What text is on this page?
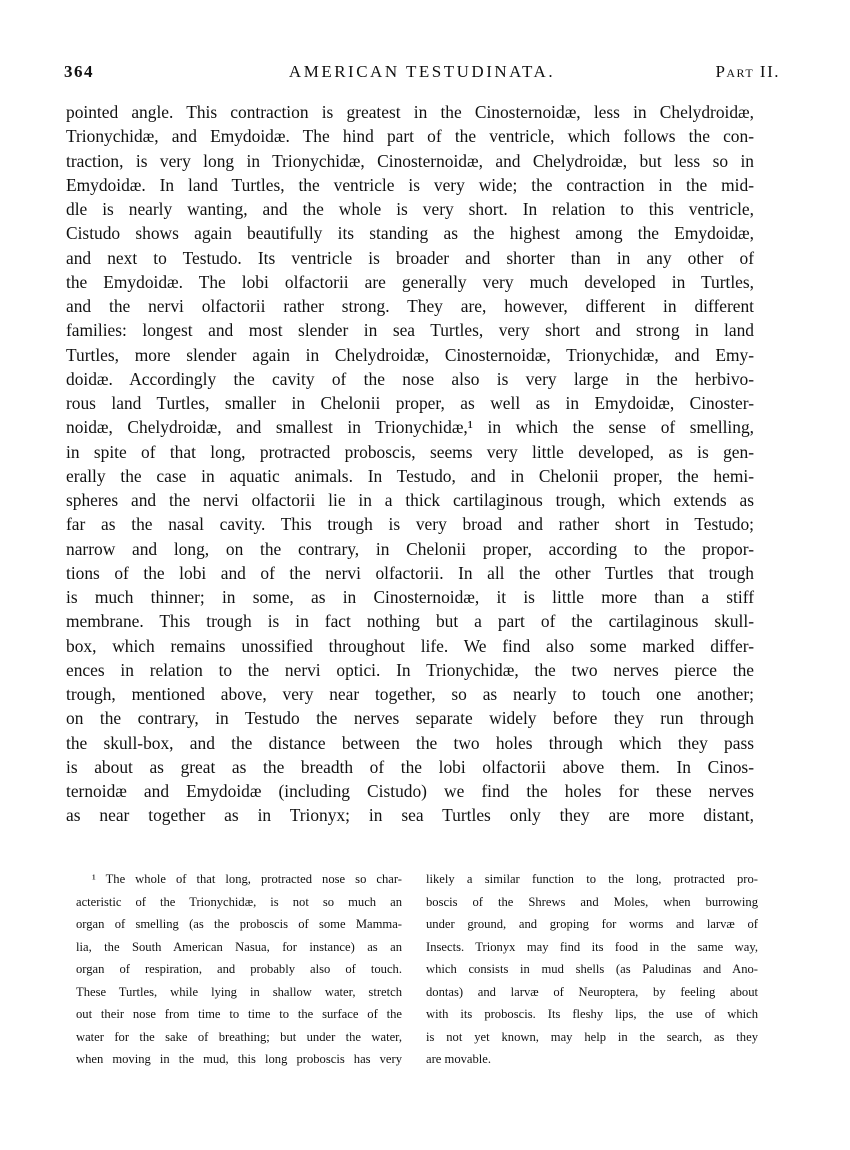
364	AMERICAN TESTUDINATA.	Part II.
pointed angle. This contraction is greatest in the Cinosternoidæ, less in Chelydroidæ,
Trionychidæ, and Emydoidæ. The hind part of the ventricle, which follows the con-
traction, is very long in Trionychidæ, Cinosternoidæ, and Chelydroidæ, but less so in
Emydoidæ. In land Turtles, the ventricle is very wide; the contraction in the mid-
dle is nearly wanting, and the whole is very short. In relation to this ventricle,
Cistudo shows again beautifully its standing as the highest among the Emydoidæ,
and next to Testudo. Its ventricle is broader and shorter than in any other of
the Emydoidæ. The lobi olfactorii are generally very much developed in Turtles,
and the nervi olfactorii rather strong. They are, however, different in different
families: longest and most slender in sea Turtles, very short and strong in land
Turtles, more slender again in Chelydroidæ, Cinosternoidæ, Trionychidæ, and Emy-
doidæ. Accordingly the cavity of the nose also is very large in the herbivo-
rous land Turtles, smaller in Chelonii proper, as well as in Emydoidæ, Cinoster-
noidæ, Chelydroidæ, and smallest in Trionychidæ,¹ in which the sense of smelling,
in spite of that long, protracted proboscis, seems very little developed, as is gen-
erally the case in aquatic animals. In Testudo, and in Chelonii proper, the hemi-
spheres and the nervi olfactorii lie in a thick cartilaginous trough, which extends as
far as the nasal cavity. This trough is very broad and rather short in Testudo;
narrow and long, on the contrary, in Chelonii proper, according to the propor-
tions of the lobi and of the nervi olfactorii. In all the other Turtles that trough
is much thinner; in some, as in Cinosternoidæ, it is little more than a stiff
membrane. This trough is in fact nothing but a part of the cartilaginous skull-
box, which remains unossified throughout life. We find also some marked differ-
ences in relation to the nervi optici. In Trionychidæ, the two nerves pierce the
trough, mentioned above, very near together, so as nearly to touch one another;
on the contrary, in Testudo the nerves separate widely before they run through
the skull-box, and the distance between the two holes through which they pass
is about as great as the breadth of the lobi olfactorii above them. In Cinos-
ternoidæ and Emydoidæ (including Cistudo) we find the holes for these nerves
as near together as in Trionyx; in sea Turtles only they are more distant,
¹ The whole of that long, protracted nose so char-
acteristic of the Trionychidæ, is not so much an
organ of smelling (as the proboscis of some Mamma-
lia, the South American Nasua, for instance) as an
organ of respiration, and probably also of touch.
These Turtles, while lying in shallow water, stretch
out their nose from time to time to the surface of the
water for the sake of breathing; but under the water,
when moving in the mud, this long proboscis has very
likely a similar function to the long, protracted pro-
boscis of the Shrews and Moles, when burrowing
under ground, and groping for worms and larvæ of
Insects. Trionyx may find its food in the same way,
which consists in mud shells (as Paludinas and Ano-
dontas) and larvæ of Neuroptera, by feeling about
with its proboscis. Its fleshy lips, the use of which
is not yet known, may help in the search, as they
are movable.
